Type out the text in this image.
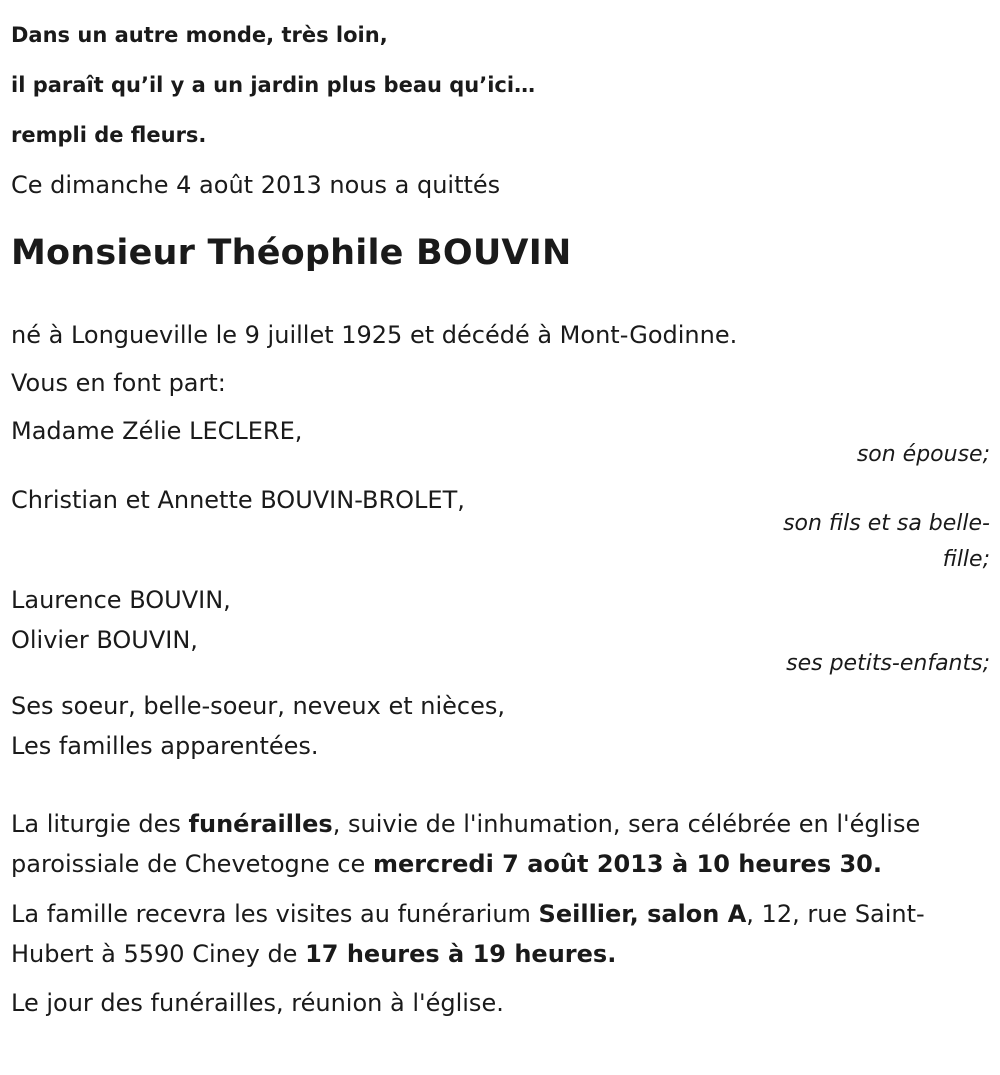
Dans un autre monde, très loin,
il paraît qu’il y a un jardin plus beau qu’ici…
rempli de fleurs.
Ce dimanche 4 août 2013 nous a quittés
Monsieur Théophile BOUVIN
né à Longueville le 9 juillet 1925 et décédé à Mont-Godinne.
Vous en font part:
Madame Zélie LECLERE,
son épouse;
Christian et Annette BOUVIN-BROLET,
son fils et sa belle-
fille;
Laurence BOUVIN,
Olivier BOUVIN,
ses petits-enfants;
Ses soeur, belle-soeur, neveux et nièces,
Les familles apparentées.
La liturgie des funérailles, suivie de l'inhumation, sera célébrée en l'église paroissiale de Chevetogne ce mercredi 7 août 2013 à 10 heures 30.
La famille recevra les visites au funérarium Seillier, salon A, 12, rue Saint-Hubert à 5590 Ciney de 17 heures à 19 heures.
Le jour des funérailles, réunion à l'église.
